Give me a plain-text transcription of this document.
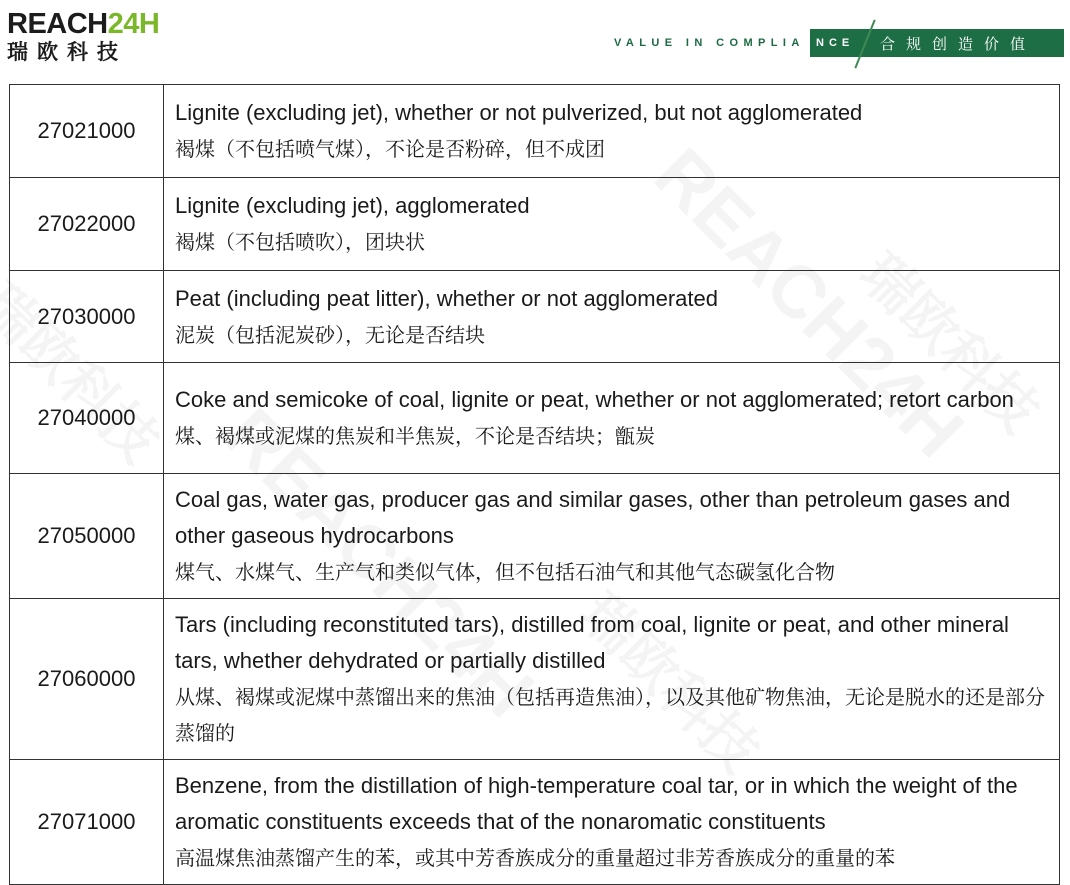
REACH24H
瑞欧科技	VALUE IN COMPLIA NCE 合规创造价值
27021000	Lignite (excluding jet), whether or not pulverized, but not agglomerated
褐煤（不包括喷气煤），不论是否粉碎，但不成团

27022000	Lignite (excluding jet), agglomerated
褐煤（不包括喷吹），团块状

27030000	Peat (including peat litter), whether or not agglomerated
泥炭（包括泥炭砂），无论是否结块

27040000	Coke and semicoke of coal, lignite or peat, whether or not agglomerated; retort carbon
煤、褐煤或泥煤的焦炭和半焦炭，不论是否结块；甑炭

27050000	Coal gas, water gas, producer gas and similar gases, other than petroleum gases and other gaseous hydrocarbons
煤气、水煤气、生产气和类似气体，但不包括石油气和其他气态碳氢化合物

27060000	Tars (including reconstituted tars), distilled from coal, lignite or peat, and other mineral tars, whether dehydrated or partially distilled
从煤、褐煤或泥煤中蒸馏出来的焦油（包括再造焦油），以及其他矿物焦油，无论是脱水的还是部分蒸馏的

27071000	Benzene, from the distillation of high-temperature coal tar, or in which the weight of the aromatic constituents exceeds that of the nonaromatic constituents
高温煤焦油蒸馏产生的苯，或其中芳香族成分的重量超过非芳香族成分的重量的苯
